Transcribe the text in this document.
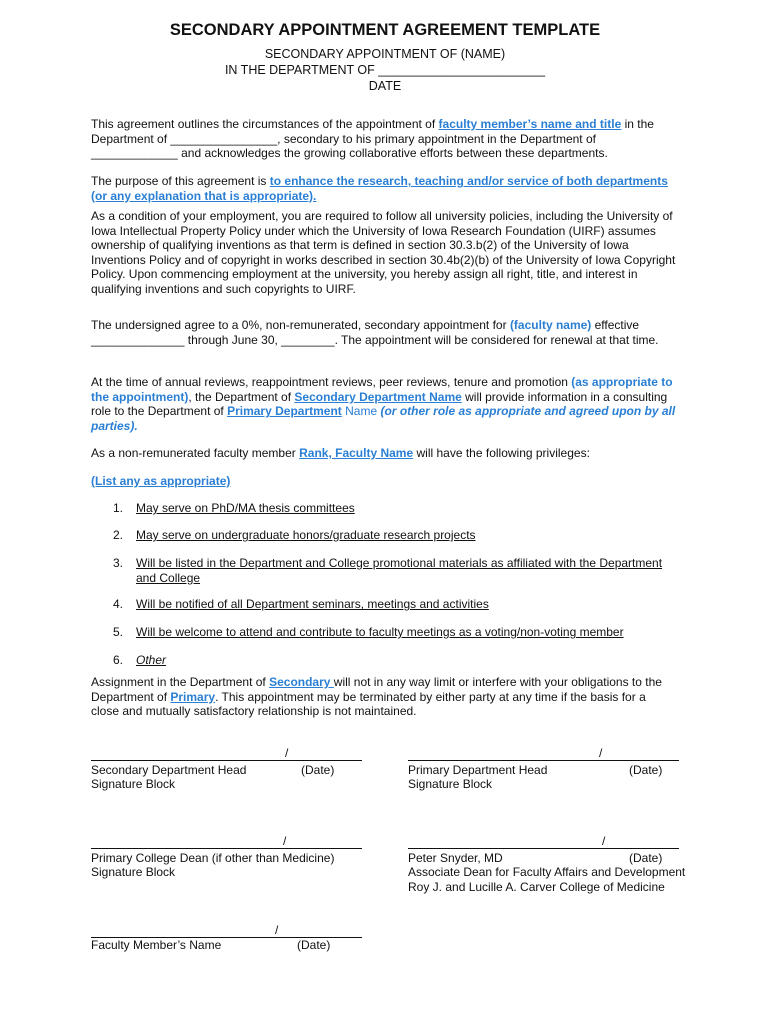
SECONDARY APPOINTMENT AGREEMENT TEMPLATE
SECONDARY APPOINTMENT OF (NAME)
IN THE DEPARTMENT OF ________________________
DATE

This agreement outlines the circumstances of the appointment of faculty member’s name and title in the Department of ________________, secondary to his primary appointment in the Department of _____________ and acknowledges the growing collaborative efforts between these departments.

The purpose of this agreement is to enhance the research, teaching and/or service of both departments (or any explanation that is appropriate).

As a condition of your employment, you are required to follow all university policies, including the University of Iowa Intellectual Property Policy under which the University of Iowa Research Foundation (UIRF) assumes ownership of qualifying inventions as that term is defined in section 30.3.b(2) of the University of Iowa Inventions Policy and of copyright in works described in section 30.4b(2)(b) of the University of Iowa Copyright Policy. Upon commencing employment at the university, you hereby assign all right, title, and interest in qualifying inventions and such copyrights to UIRF.

The undersigned agree to a 0%, non-remunerated, secondary appointment for (faculty name) effective ______________ through June 30, ________. The appointment will be considered for renewal at that time.

At the time of annual reviews, reappointment reviews, peer reviews, tenure and promotion (as appropriate to the appointment), the Department of Secondary Department Name will provide information in a consulting role to the Department of Primary Department Name (or other role as appropriate and agreed upon by all parties).

As a non-remunerated faculty member Rank, Faculty Name will have the following privileges:

(List any as appropriate)

1. May serve on PhD/MA thesis committees
2. May serve on undergraduate honors/graduate research projects
3. Will be listed in the Department and College promotional materials as affiliated with the Department and College
4. Will be notified of all Department seminars, meetings and activities
5. Will be welcome to attend and contribute to faculty meetings as a voting/non-voting member
6. Other

Assignment in the Department of Secondary will not in any way limit or interfere with your obligations to the Department of Primary. This appointment may be terminated by either party at any time if the basis for a close and mutually satisfactory relationship is not maintained.

/
Secondary Department Head	(Date)
Signature Block
/
Primary Department Head	(Date)
Signature Block
/
Primary College Dean (if other than Medicine)
Signature Block
/
Peter Snyder, MD	(Date)
Associate Dean for Faculty Affairs and Development
Roy J. and Lucille A. Carver College of Medicine
/
Faculty Member’s Name	(Date)
